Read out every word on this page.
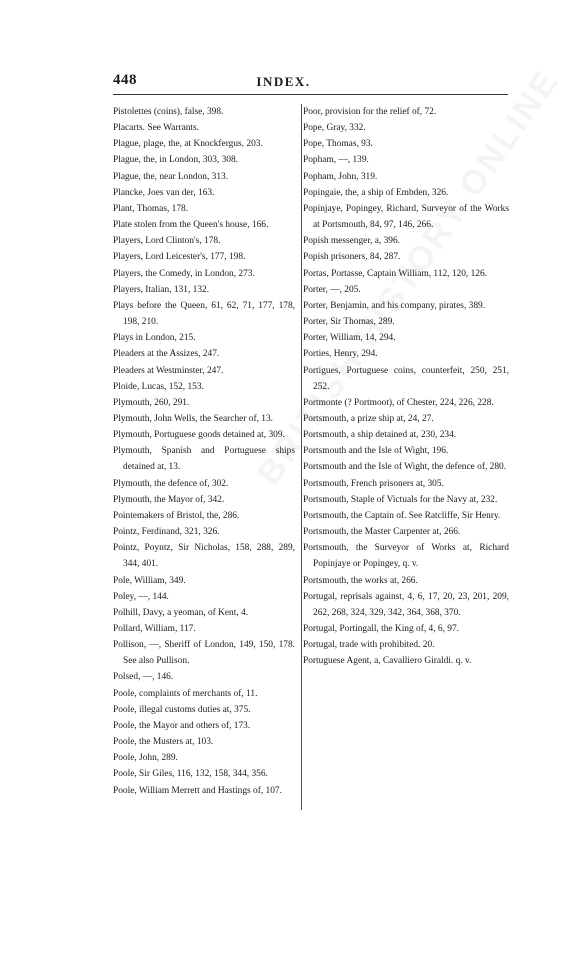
448	INDEX.
Pistolettes (coins), false, 398.
Placarts. See Warrants.
Plague, plage, the, at Knockfergus, 203.
Plague, the, in London, 303, 308.
Plague, the, near London, 313.
Plancke, Joes van der, 163.
Plant, Thomas, 178.
Plate stolen from the Queen's house, 166.
Players, Lord Clinton's, 178.
Players, Lord Leicester's, 177, 198.
Players, the Comedy, in London, 273.
Players, Italian, 131, 132.
Plays before the Queen, 61, 62, 71, 177, 178, 198, 210.
Plays in London, 215.
Pleaders at the Assizes, 247.
Pleaders at Westminster, 247.
Ploide, Lucas, 152, 153.
Plymouth, 260, 291.
Plymouth, John Wells, the Searcher of, 13.
Plymouth, Portuguese goods detained at, 309.
Plymouth, Spanish and Portuguese ships detained at, 13.
Plymouth, the defence of, 302.
Plymouth, the Mayor of, 342.
Pointemakers of Bristol, the, 286.
Pointz, Ferdinand, 321, 326.
Pointz, Poyntz, Sir Nicholas, 158, 288, 289, 344, 401.
Pole, William, 349.
Poley, —, 144.
Polhill, Davy, a yeoman, of Kent, 4.
Pollard, William, 117.
Pollison, —, Sheriff of London, 149, 150, 178. See also Pullison.
Polsed, —, 146.
Poole, complaints of merchants of, 11.
Poole, illegal customs duties at, 375.
Poole, the Mayor and others of, 173.
Poole, the Musters at, 103.
Poole, John, 289.
Poole, Sir Giles, 116, 132, 158, 344, 356.
Poole, William Merrett and Hastings of, 107.
Poor, provision for the relief of, 72.
Pope, Gray, 332.
Pope, Thomas, 93.
Popham, —, 139.
Popham, John, 319.
Popingaie, the, a ship of Embden, 326.
Popinjaye, Popingey, Richard, Surveyor of the Works at Portsmouth, 84, 97, 146, 266.
Popish messenger, a, 396.
Popish prisoners, 84, 287.
Portas, Portasse, Captain William, 112, 120, 126.
Porter, —, 205.
Porter, Benjamin, and his company, pirates, 389.
Porter, Sir Thomas, 289.
Porter, William, 14, 294.
Porties, Henry, 294.
Portigues, Portuguese coins, counterfeit, 250, 251, 252.
Portmonte (? Portmoot), of Chester, 224, 226, 228.
Portsmouth, a prize ship at, 24, 27.
Portsmouth, a ship detained at, 230, 234.
Portsmouth and the Isle of Wight, 196.
Portsmouth and the Isle of Wight, the defence of, 280.
Portsmouth, French prisoners at, 305.
Portsmouth, Staple of Victuals for the Navy at, 232.
Portsmouth, the Captain of. See Ratcliffe, Sir Henry.
Portsmouth, the Master Carpenter at, 266.
Portsmouth, the Surveyor of Works at, Richard Popinjaye or Popingey, q. v.
Portsmouth, the works at, 266.
Portugal, reprisals against, 4, 6, 17, 20, 23, 201, 209, 262, 268, 324, 329, 342, 364, 368, 370.
Portugal, Portingall, the King of, 4, 6, 97.
Portugal, trade with prohibited. 20.
Portuguese Agent, a, Cavalliero Giraldi. q. v.
